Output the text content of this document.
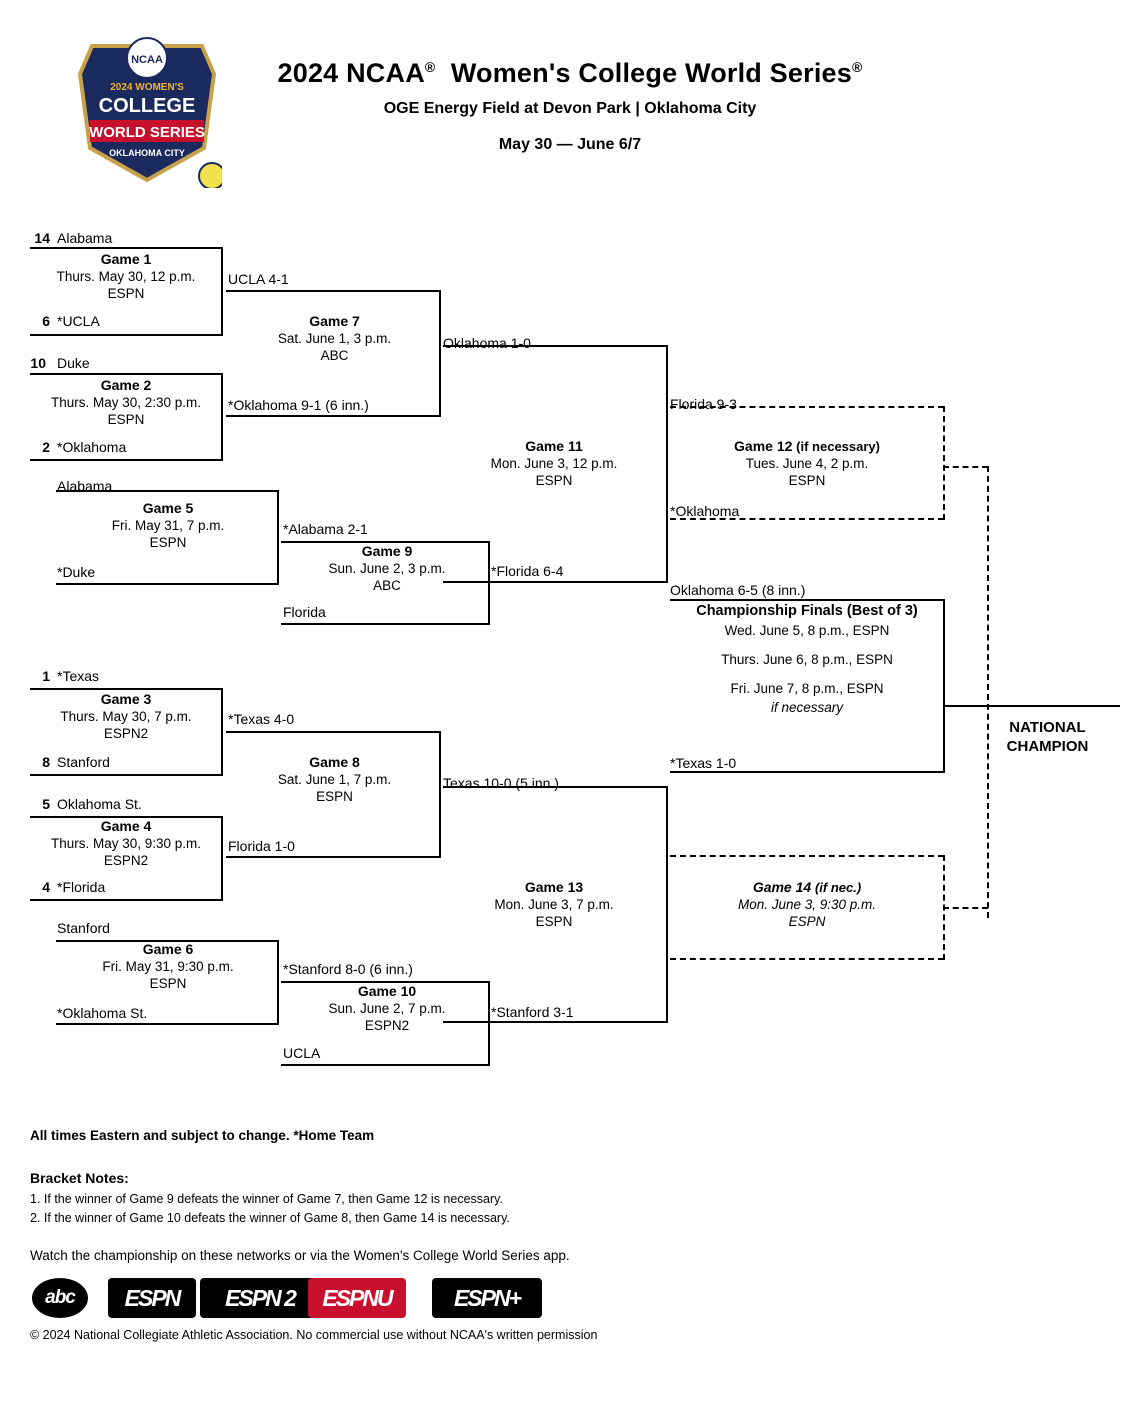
NCAA
2024 WOMEN'S
COLLEGE
WORLD SERIES
OKLAHOMA CITY
2024 NCAA® Women's College World Series®
OGE Energy Field at Devon Park | Oklahoma City
May 30 — June 6/7
14 Alabama
6 *UCLA
10 Duke
2 *Oklahoma
Alabama
*Duke
1 *Texas
8 Stanford
5 Oklahoma St.
4 *Florida
Stanford
*Oklahoma St.
Florida
UCLA
UCLA 4-1
*Oklahoma 9-1 (6 inn.)
*Alabama 2-1
Oklahoma 1-0
*Florida 6-4
Florida 9-3
*Oklahoma
*Texas 4-0
Florida 1-0
*Stanford 8-0 (6 inn.)
Texas 10-0 (5 inn.)
*Stanford 3-1
*Texas 1-0
Oklahoma 6-5 (8 inn.)
Game 1
Thurs. May 30, 12 p.m.
ESPN
Game 2
Thurs. May 30, 2:30 p.m.
ESPN
Game 5
Fri. May 31, 7 p.m.
ESPN
Game 7
Sat. June 1, 3 p.m.
ABC
Game 9
Sun. June 2, 3 p.m.
ABC
Game 11
Mon. June 3, 12 p.m.
ESPN
Game 12 (if necessary)
Tues. June 4, 2 p.m.
ESPN
Game 3
Thurs. May 30, 7 p.m.
ESPN2
Game 4
Thurs. May 30, 9:30 p.m.
ESPN2
Game 6
Fri. May 31, 9:30 p.m.
ESPN
Game 8
Sat. June 1, 7 p.m.
ESPN
Game 10
Sun. June 2, 7 p.m.
ESPN2
Game 13
Mon. June 3, 7 p.m.
ESPN
Game 14 (if nec.)
Mon. June 3, 9:30 p.m.
ESPN
Championship Finals (Best of 3)
Wed. June 5, 8 p.m., ESPN
Thurs. June 6, 8 p.m., ESPN
Fri. June 7, 8 p.m., ESPN
if necessary
NATIONAL
CHAMPION
All times Eastern and subject to change. *Home Team
Bracket Notes:
1. If the winner of Game 9 defeats the winner of Game 7, then Game 12 is necessary.
2. If the winner of Game 10 defeats the winner of Game 8, then Game 14 is necessary.
Watch the championship on these networks or via the Women's College World Series app.
abc	ESPN	ESPN 2	ESPNU	ESPN+
© 2024 National Collegiate Athletic Association. No commercial use without NCAA's written permission
